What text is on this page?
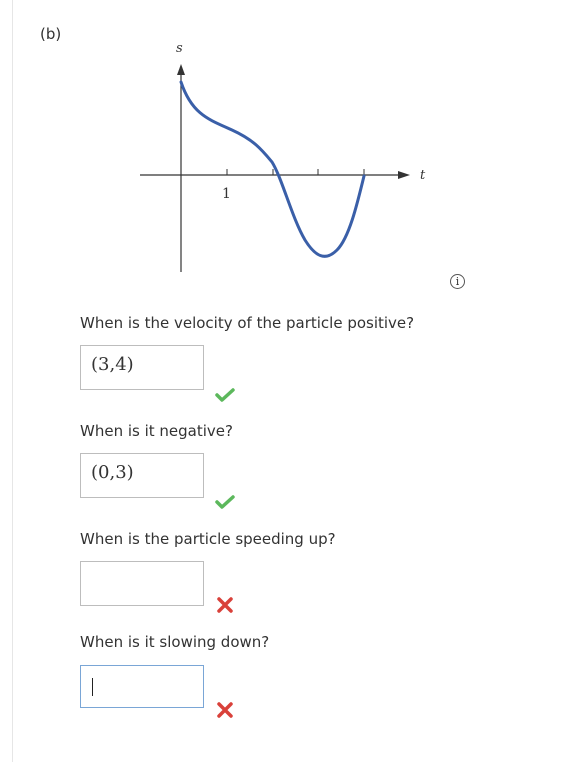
(b)
s
t
1
i
When is the velocity of the particle positive?
(3,4)
When is it negative?
(0,3)
When is the particle speeding up?
When is it slowing down?
